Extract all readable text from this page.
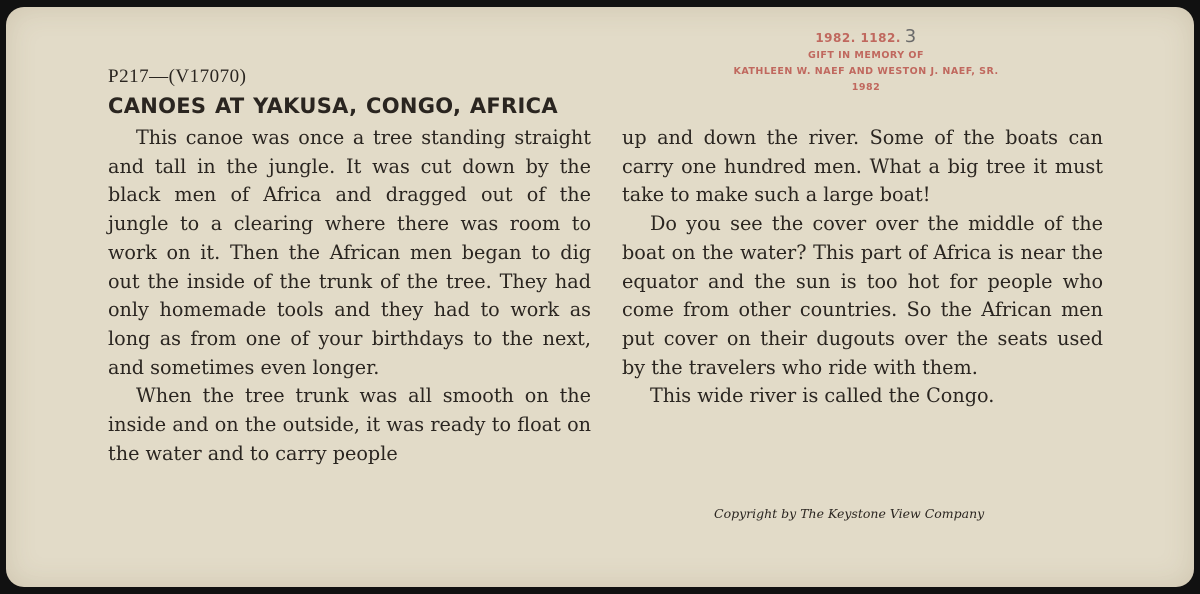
1982. 1182. 3
GIFT IN MEMORY OF
KATHLEEN W. NAEF AND WESTON J. NAEF, SR.
1982
P217—(V17070)
CANOES AT YAKUSA, CONGO, AFRICA

This canoe was once a tree standing straight and tall in the jungle. It was cut down by the black men of Africa and dragged out of the jungle to a clearing where there was room to work on it. Then the African men began to dig out the inside of the trunk of the tree. They had only homemade tools and they had to work as long as from one of your birthdays to the next, and sometimes even longer.

When the tree trunk was all smooth on the inside and on the outside, it was ready to float on the water and to carry people

up and down the river. Some of the boats can carry one hundred men. What a big tree it must take to make such a large boat!

Do you see the cover over the middle of the boat on the water? This part of Africa is near the equator and the sun is too hot for people who come from other countries. So the African men put cover on their dugouts over the seats used by the travelers who ride with them.

This wide river is called the Congo.

Copyright by The Keystone View Company
